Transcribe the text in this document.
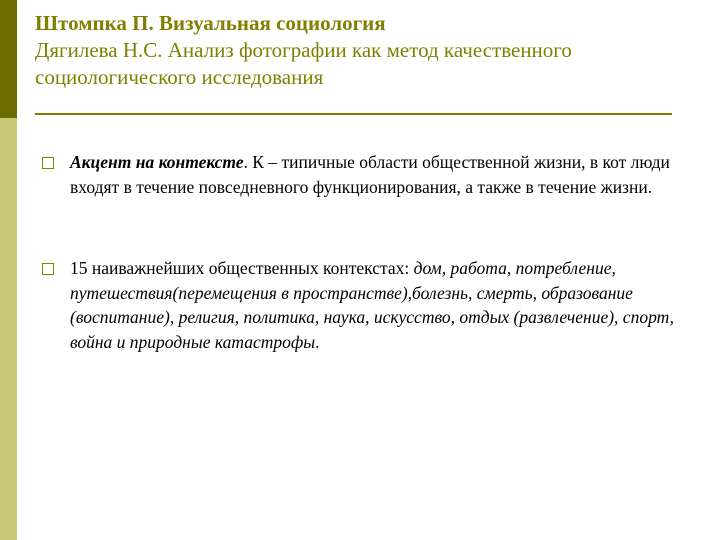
Штомпка П. Визуальная социология
Дягилева Н.С. Анализ фотографии как метод качественного
социологического исследования
Акцент на контексте. К – типичные области общественной жизни, в кот люди входят в течение повседневного функционирования, а также в течение жизни.
15 наиважнейших общественных контекстах: дом, работа, потребление, путешествия(перемещения в пространстве),болезнь, смерть, образование (воспитание), религия, политика, наука, искусство, отдых (развлечение), спорт, война и природные катастрофы.
